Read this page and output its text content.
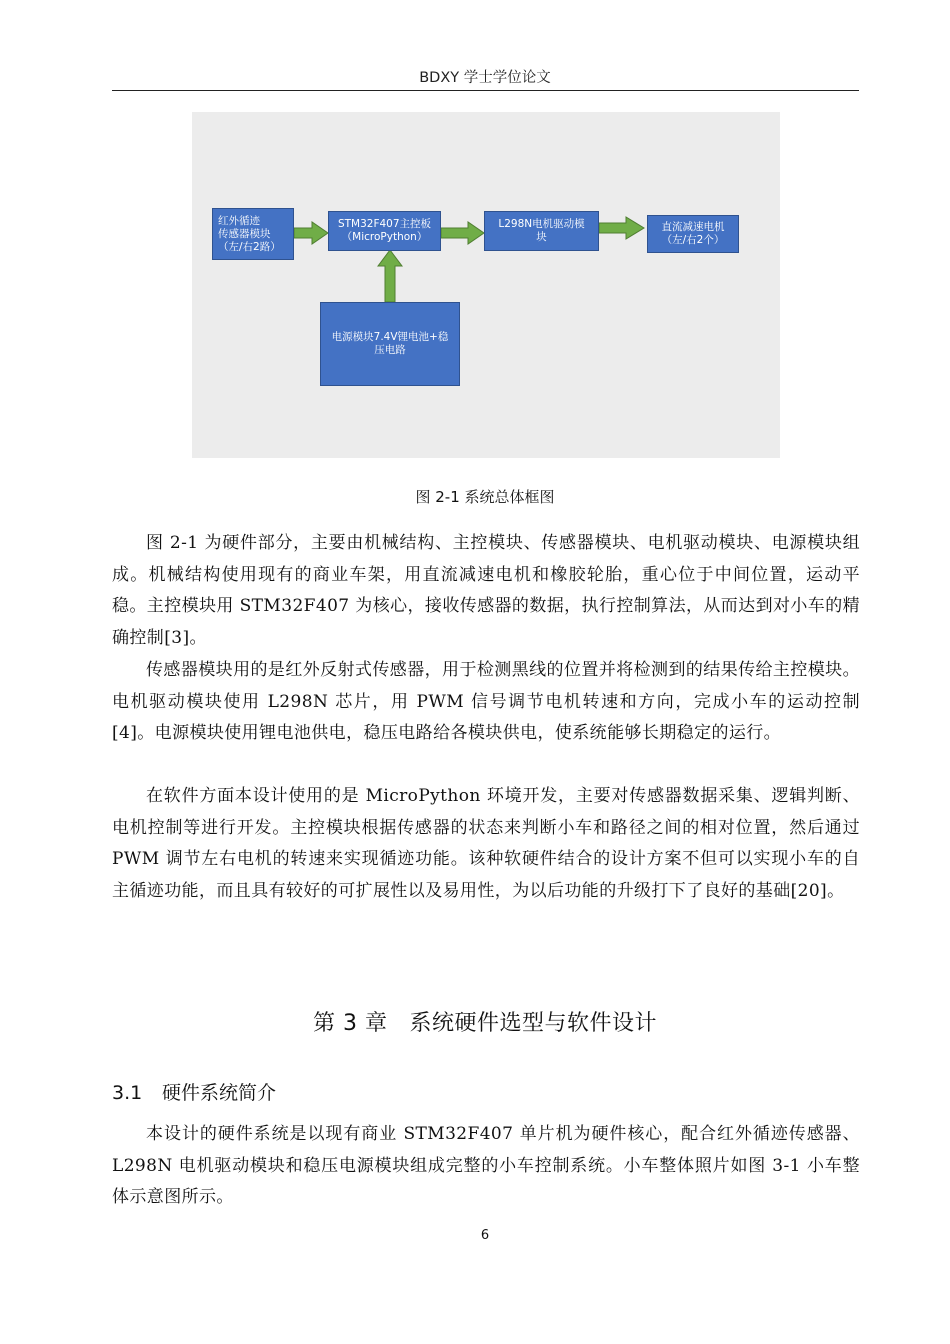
BDXY 学士学位论文
红外循迹
传感器模块
（左/右2路）
STM32F407主控板
（MicroPython）
L298N电机驱动模
块
直流减速电机
（左/右2个）
电源模块7.4V锂电池+稳
压电路
图 2-1 系统总体框图

图 2-1 为硬件部分，主要由机械结构、主控模块、传感器模块、电机驱动模块、电源模块组成。机械结构使用现有的商业车架，用直流减速电机和橡胶轮胎，重心位于中间位置，运动平稳。主控模块用 STM32F407 为核心，接收传感器的数据，执行控制算法，从而达到对小车的精确控制[3]。

传感器模块用的是红外反射式传感器，用于检测黑线的位置并将检测到的结果传给主控模块。电机驱动模块使用 L298N 芯片，用 PWM 信号调节电机转速和方向，完成小车的运动控制[4]。电源模块使用锂电池供电，稳压电路给各模块供电，使系统能够长期稳定的运行。

在软件方面本设计使用的是 MicroPython 环境开发，主要对传感器数据采集、逻辑判断、电机控制等进行开发。主控模块根据传感器的状态来判断小车和路径之间的相对位置，然后通过 PWM 调节左右电机的转速来实现循迹功能。该种软硬件结合的设计方案不但可以实现小车的自主循迹功能，而且具有较好的可扩展性以及易用性，为以后功能的升级打下了良好的基础[20]。

第 3 章 系统硬件选型与软件设计
3.1 硬件系统简介

本设计的硬件系统是以现有商业 STM32F407 单片机为硬件核心，配合红外循迹传感器、L298N 电机驱动模块和稳压电源模块组成完整的小车控制系统。小车整体照片如图 3-1 小车整体示意图所示。

6
